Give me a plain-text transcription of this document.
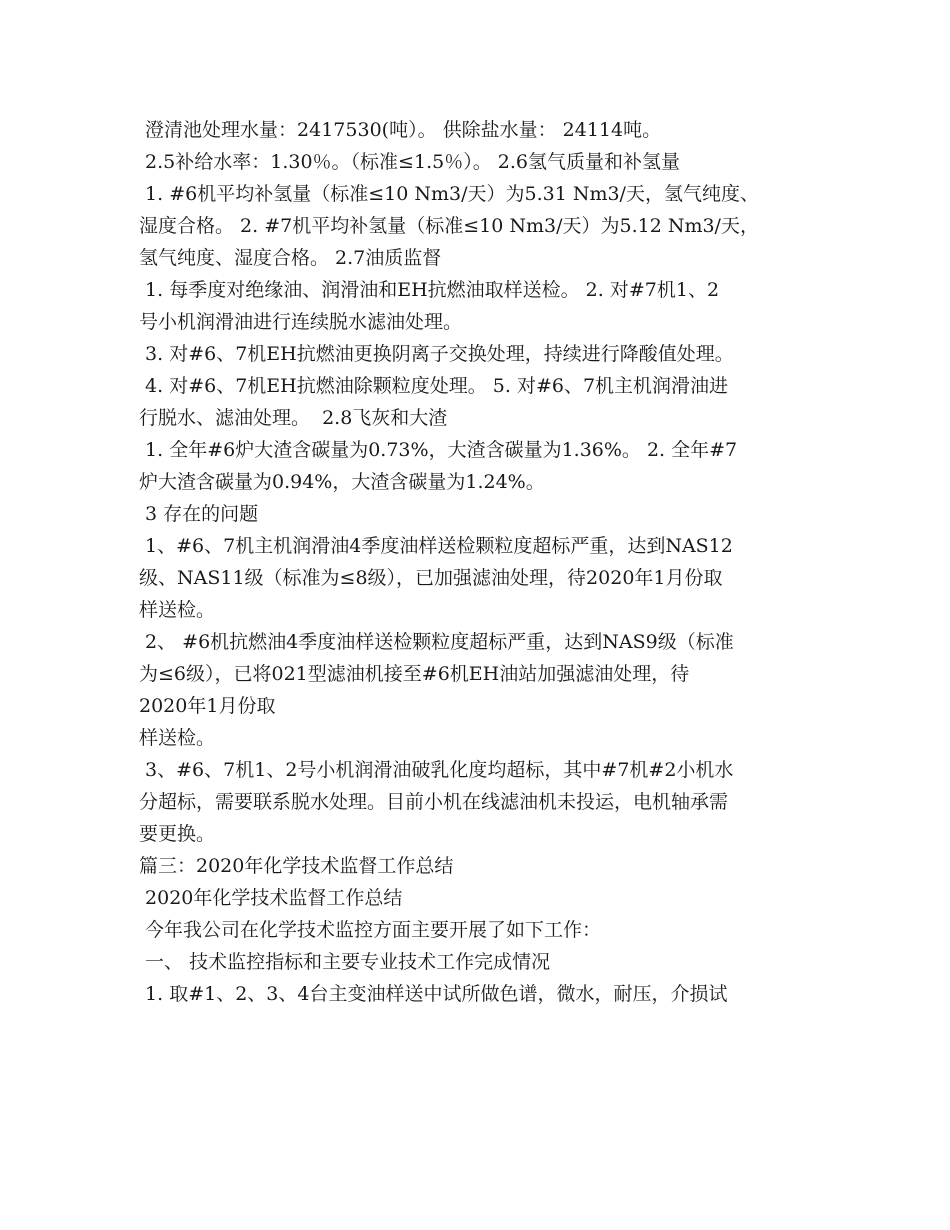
澄清池处理水量：2417530(吨）。 供除盐水量： 24114吨。
2.5补给水率：1.30％。（标准≤1.5％）。 2.6氢气质量和补氢量
1. #6机平均补氢量（标准≤10 Nm3/天）为5.31 Nm3/天，氢气纯度、
湿度合格。 2. #7机平均补氢量（标准≤10 Nm3/天）为5.12 Nm3/天，
氢气纯度、湿度合格。 2.7油质监督
1. 每季度对绝缘油、润滑油和EH抗燃油取样送检。 2. 对#7机1、2
号小机润滑油进行连续脱水滤油处理。
3. 对#6、7机EH抗燃油更换阴离子交换处理，持续进行降酸值处理。
4. 对#6、7机EH抗燃油除颗粒度处理。 5. 对#6、7机主机润滑油进
行脱水、滤油处理。  2.8飞灰和大渣
1. 全年#6炉大渣含碳量为0.73%，大渣含碳量为1.36%。 2. 全年#7
炉大渣含碳量为0.94%，大渣含碳量为1.24%。
3 存在的问题
1、#6、7机主机润滑油4季度油样送检颗粒度超标严重，达到NAS12
级、NAS11级（标准为≤8级），已加强滤油处理，待2020年1月份取
样送检。
2、 #6机抗燃油4季度油样送检颗粒度超标严重，达到NAS9级（标准
为≤6级），已将021型滤油机接至#6机EH油站加强滤油处理，待
2020年1月份取
样送检。
3、#6、7机1、2号小机润滑油破乳化度均超标，其中#7机#2小机水
分超标，需要联系脱水处理。目前小机在线滤油机未投运，电机轴承需
要更换。
篇三：2020年化学技术监督工作总结
2020年化学技术监督工作总结
今年我公司在化学技术监控方面主要开展了如下工作：
一、 技术监控指标和主要专业技术工作完成情况
1. 取#1、2、3、4台主变油样送中试所做色谱，微水，耐压，介损试
